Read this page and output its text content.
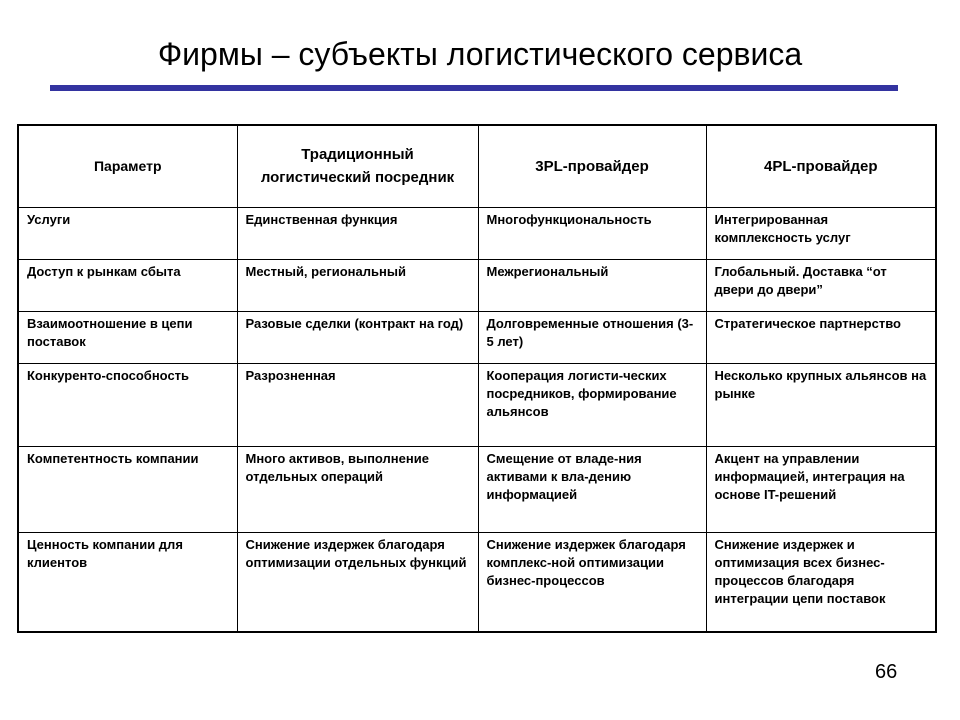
Фирмы – субъекты логистического сервиса
Параметр	Традиционный логистический посредник	3PL-провайдер	4PL-провайдер
Услуги	Единственная функция	Многофункциональность	Интегрированная комплексность услуг
Доступ к рынкам сбыта	Местный, региональный	Межрегиональный	Глобальный. Доставка “от двери до двери”
Взаимоотношение в цепи поставок	Разовые сделки (контракт на год)	Долговременные отношения (3-5 лет)	Стратегическое партнерство
Конкуренто-способность	Разрозненная	Кооперация логисти-ческих посредников, формирование альянсов	Несколько крупных альянсов на рынке
Компетентность компании	Много активов, выполнение отдельных операций	Смещение от владе-ния активами к вла-дению информацией	Акцент на управлении информацией, интеграция на основе IT-решений
Ценность компании для клиентов	Снижение издержек благодаря оптимизации отдельных функций	Снижение издержек благодаря комплекс-ной оптимизации бизнес-процессов	Снижение издержек и оптимизация всех бизнес-процессов благодаря интеграции цепи поставок
66
